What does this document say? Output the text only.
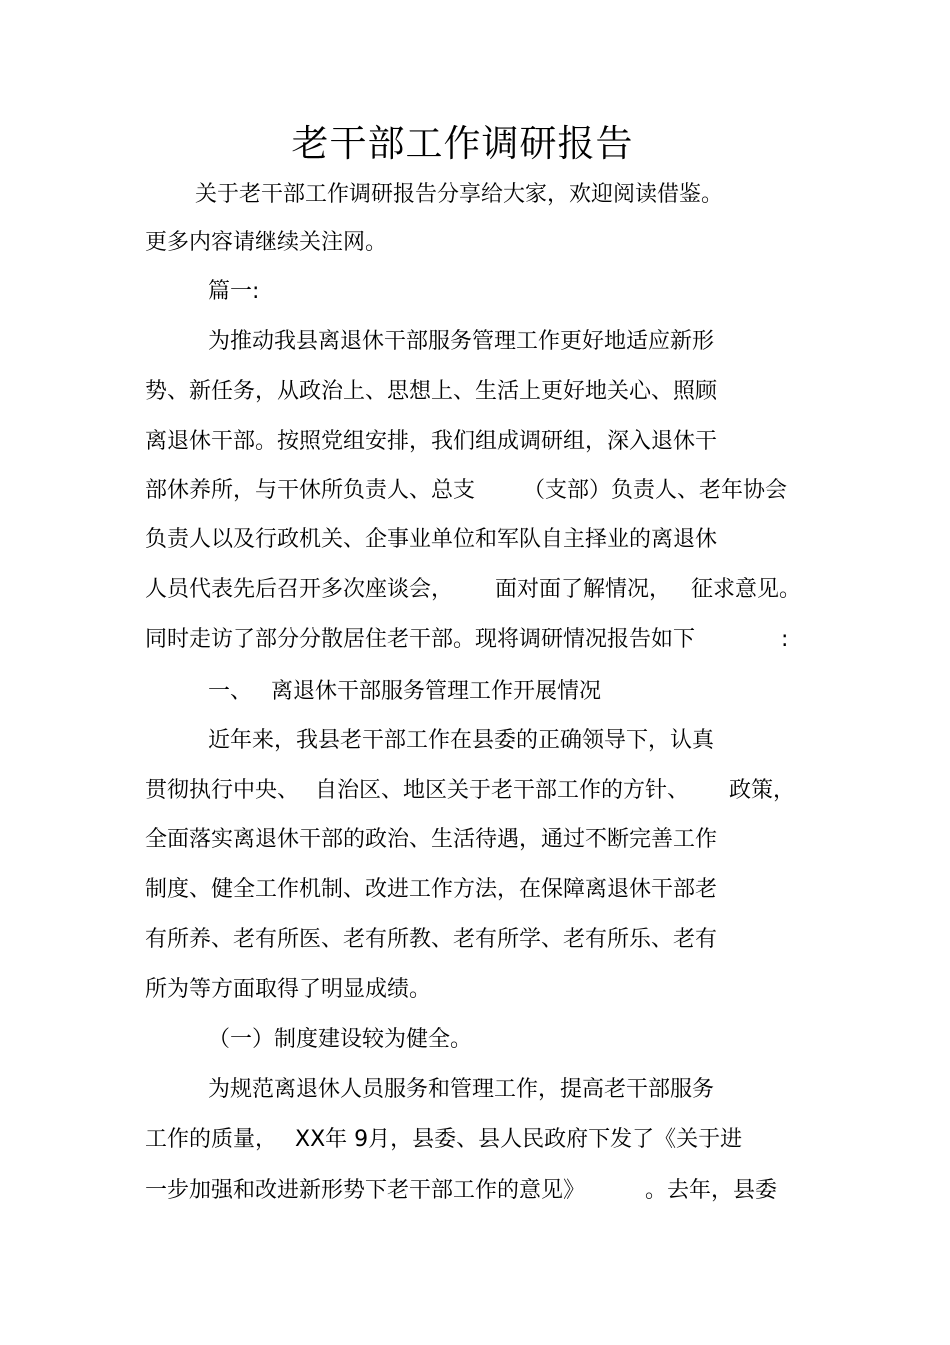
老干部工作调研报告
关于老干部工作调研报告分享给大家，欢迎阅读借鉴。
更多内容请继续关注网。
篇一:
为推动我县离退休干部服务管理工作更好地适应新形
势、新任务，从政治上、思想上、生活上更好地关心、照顾
离退休干部。按照党组安排，我们组成调研组，深入退休干
部休养所，与干休所负责人、总支 （支部）负责人、老年协会
负责人以及行政机关、企事业单位和军队自主择业的离退休
人员代表先后召开多次座谈会， 面对面了解情况， 征求意见。
同时走访了部分分散居住老干部。现将调研情况报告如下	:
一、 离退休干部服务管理工作开展情况
近年来，我县老干部工作在县委的正确领导下，认真
贯彻执行中央、 自治区、地区关于老干部工作的方针、 政策，
全面落实离退休干部的政治、生活待遇，通过不断完善工作
制度、健全工作机制、改进工作方法，在保障离退休干部老
有所养、老有所医、老有所教、老有所学、老有所乐、老有
所为等方面取得了明显成绩。
（一）制度建设较为健全。
为规范离退休人员服务和管理工作，提高老干部服务
工作的质量， XX年 9月，县委、县人民政府下发了《关于进
一步加强和改进新形势下老干部工作的意见》	。去年，县委
